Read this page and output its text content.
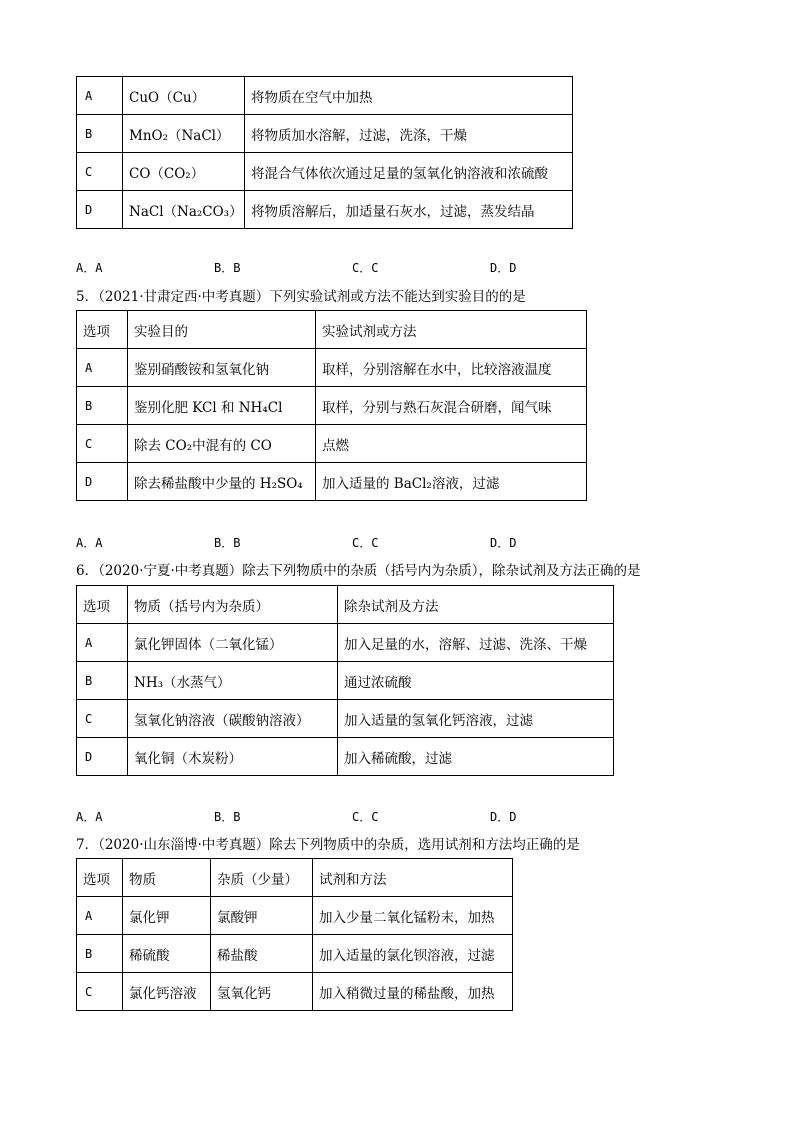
A	CuO（Cu）	将物质在空气中加热
B	MnO₂（NaCl）	将物质加水溶解，过滤，洗涤，干燥
C	CO（CO₂）	将混合气体依次通过足量的氢氧化钠溶液和浓硫酸
D	NaCl（Na₂CO₃）	将物质溶解后，加适量石灰水，过滤，蒸发结晶
A．A	B．B	C．C	D．D
5．（2021·甘肃定西·中考真题）下列实验试剂或方法不能达到实验目的的是
选项	实验目的	实验试剂或方法
A	鉴别硝酸铵和氢氧化钠	取样，分别溶解在水中，比较溶液温度
B	鉴别化肥 KCl 和 NH₄Cl	取样，分别与熟石灰混合研磨，闻气味
C	除去 CO₂中混有的 CO	点燃
D	除去稀盐酸中少量的 H₂SO₄	加入适量的 BaCl₂溶液，过滤
A．A	B．B	C．C	D．D
6．（2020·宁夏·中考真题）除去下列物质中的杂质（括号内为杂质），除杂试剂及方法正确的是
选项	物质（括号内为杂质）	除杂试剂及方法
A	氯化钾固体（二氧化锰）	加入足量的水，溶解、过滤、洗涤、干燥
B	NH₃（水蒸气）	通过浓硫酸
C	氢氧化钠溶液（碳酸钠溶液）	加入适量的氢氧化钙溶液，过滤
D	氧化铜（木炭粉）	加入稀硫酸，过滤
A．A	B．B	C．C	D．D
7．（2020·山东淄博·中考真题）除去下列物质中的杂质，选用试剂和方法均正确的是
选项	物质	杂质（少量）	试剂和方法
A	氯化钾	氯酸钾	加入少量二氧化锰粉末，加热
B	稀硫酸	稀盐酸	加入适量的氯化钡溶液，过滤
C	氯化钙溶液	氢氧化钙	加入稍微过量的稀盐酸，加热
